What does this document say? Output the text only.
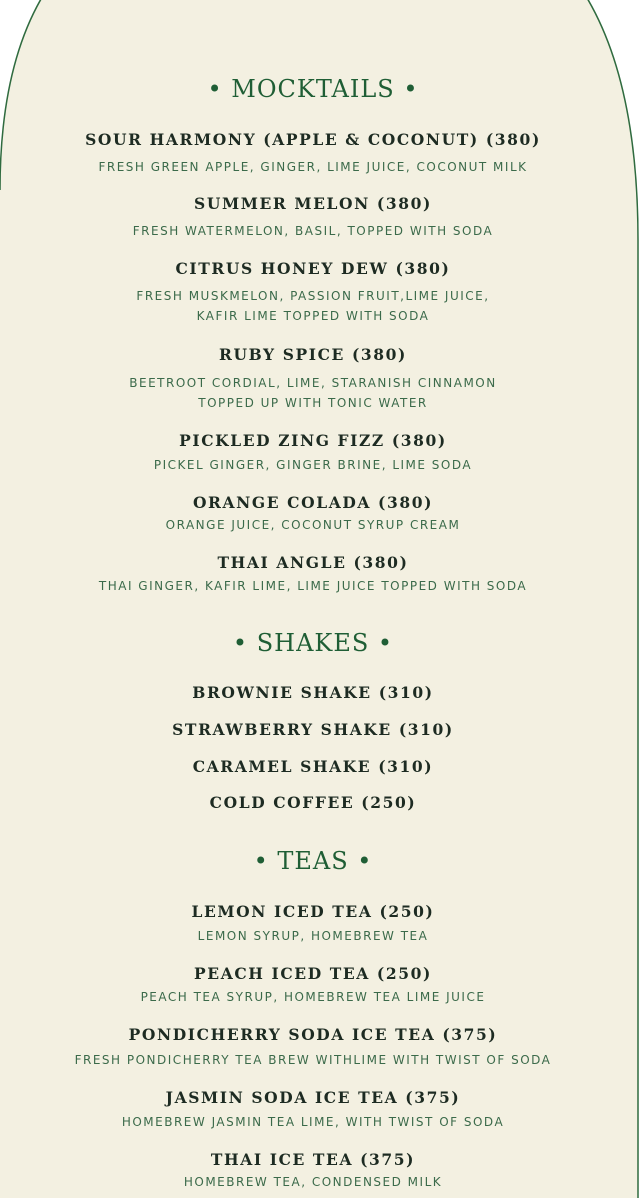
• MOCKTAILS •
SOUR HARMONY (APPLE & COCONUT) (380)
FRESH GREEN APPLE, GINGER, LIME JUICE, COCONUT MILK
SUMMER MELON (380)
FRESH WATERMELON, BASIL, TOPPED WITH SODA
CITRUS HONEY DEW (380)
FRESH MUSKMELON, PASSION FRUIT,LIME JUICE,
KAFIR LIME TOPPED WITH SODA
RUBY SPICE (380)
BEETROOT CORDIAL, LIME, STARANISH CINNAMON
TOPPED UP WITH TONIC WATER
PICKLED ZING FIZZ (380)
PICKEL GINGER, GINGER BRINE, LIME SODA
ORANGE COLADA (380)
ORANGE JUICE, COCONUT SYRUP CREAM
THAI ANGLE (380)
THAI GINGER, KAFIR LIME, LIME JUICE TOPPED WITH SODA
• SHAKES •
BROWNIE SHAKE (310)
STRAWBERRY SHAKE (310)
CARAMEL SHAKE (310)
COLD COFFEE (250)
• TEAS •
LEMON ICED TEA (250)
LEMON SYRUP, HOMEBREW TEA
PEACH ICED TEA (250)
PEACH TEA SYRUP, HOMEBREW TEA LIME JUICE
PONDICHERRY SODA ICE TEA (375)
FRESH PONDICHERRY TEA BREW WITHLIME WITH TWIST OF SODA
JASMIN SODA ICE TEA (375)
HOMEBREW JASMIN TEA LIME, WITH TWIST OF SODA
THAI ICE TEA (375)
HOMEBREW TEA, CONDENSED MILK
